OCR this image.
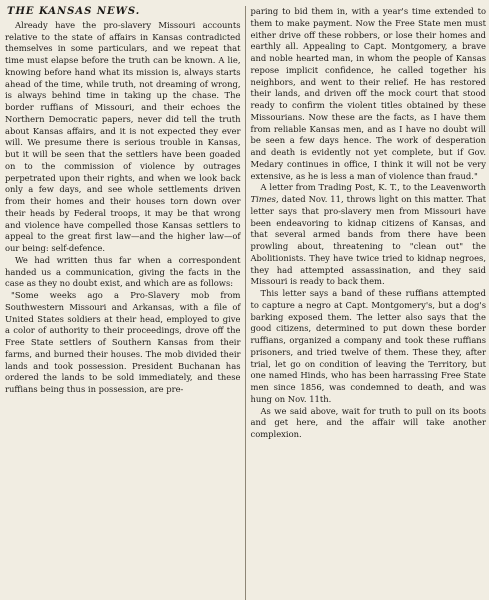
THE KANSAS NEWS.

Already have the pro-slavery Missouri accounts relative to the state of affairs in Kansas contradicted themselves in some particulars, and we repeat that time must elapse before the truth can be known. A lie, knowing before hand what its mission is, always starts ahead of the time, while truth, not dreaming of wrong, is always behind time in taking up the chase. The border ruffians of Missouri, and their echoes the Northern Democratic papers, never did tell the truth about Kansas affairs, and it is not expected they ever will. We presume there is serious trouble in Kansas, but it will be seen that the settlers have been goaded on to the commission of violence by outrages perpetrated upon their rights, and when we look back only a few days, and see whole settlements driven from their homes and their houses torn down over their heads by Federal troops, it may be that wrong and violence have compelled those Kansas settlers to appeal to the great first law—and the higher law—of our being: self-defence.

We had written thus far when a correspondent handed us a communication, giving the facts in the case as they no doubt exist, and which are as follows:

"Some weeks ago a Pro-Slavery mob from Southwestern Missouri and Arkansas, with a file of United States soldiers at their head, employed to give a color of authority to their proceedings, drove off the Free State settlers of Southern Kansas from their farms, and burned their houses. The mob divided their lands and took possession. President Buchanan has ordered the lands to be sold immediately, and these ruffians being thus in possession, are pre-

paring to bid them in, with a year's time extended to them to make payment. Now the Free State men must either drive off these robbers, or lose their homes and earthly all. Appealing to Capt. Montgomery, a brave and noble hearted man, in whom the people of Kansas repose implicit confidence, he called together his neighbors, and went to their relief. He has restored their lands, and driven off the mock court that stood ready to confirm the violent titles obtained by these Missourians. Now these are the facts, as I have them from reliable Kansas men, and as I have no doubt will be seen a few days hence. The work of desperation and death is evidently not yet complete, but if Gov. Medary continues in office, I think it will not be very extensive, as he is less a man of violence than fraud."

A letter from Trading Post, K. T., to the Leavenworth Times, dated Nov. 11, throws light on this matter. That letter says that pro-slavery men from Missouri have been endeavoring to kidnap citizens of Kansas, and that several armed bands from there have been prowling about, threatening to "clean out" the Abolitionists. They have twice tried to kidnap negroes, they had attempted assassination, and they said Missouri is ready to back them.

This letter says a band of these ruffians attempted to capture a negro at Capt. Montgomery's, but a dog's barking exposed them. The letter also says that the good citizens, determined to put down these border ruffians, organized a company and took these ruffians prisoners, and tried twelve of them. These they, after trial, let go on condition of leaving the Territory, but one named Hinds, who has been harrassing Free State men since 1856, was condemned to death, and was hung on Nov. 11th.

As we said above, wait for truth to pull on its boots and get here, and the affair will take another complexion.
